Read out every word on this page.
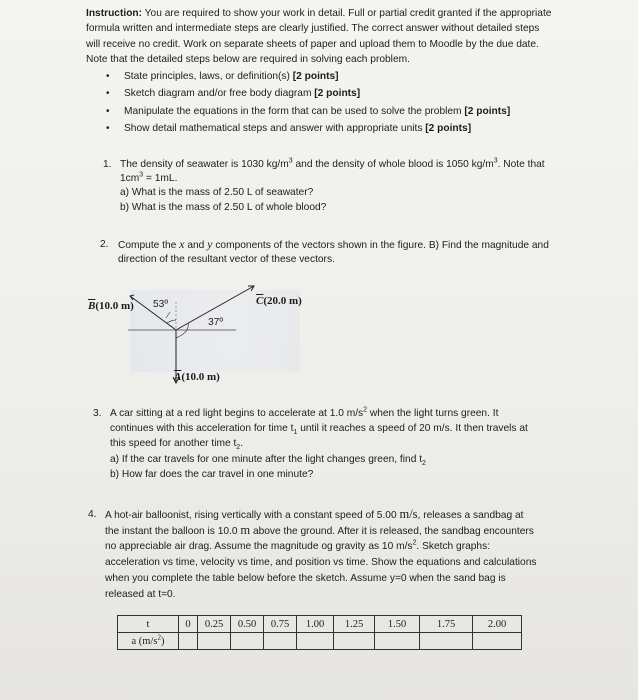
Instruction: You are required to show your work in detail. Full or partial credit granted if the appropriate
formula written and intermediate steps are clearly justified. The correct answer without detailed steps
will receive no credit. Work on separate sheets of paper and upload them to Moodle by the due date.
Note that the detailed steps below are required in solving each problem.
• State principles, laws, or definition(s) [2 points]
• Sketch diagram and/or free body diagram [2 points]
• Manipulate the equations in the form that can be used to solve the problem [2 points]
• Show detail mathematical steps and answer with appropriate units [2 points]
1. The density of seawater is 1030 $kg/m^3$ and the density of whole blood is 1050 $kg/m^3$. Note that
$1cm^3 = 1mL$.
a) What is the mass of 2.50 L of seawater?
b) What is the mass of 2.50 L of whole blood?
2. Compute the x and y components of the vectors shown in the figure. B) Find the magnitude and
direction of the resultant vector of these vectors.
$\overline{B}(10.0$ m) 53º	$\overline{C}(20.0$ m)
37º
$\overline{A}(10.0$ m)
3. A car sitting at a red light begins to accelerate at 1.0 $m/s^2$ when the light turns green. It
continues with this acceleration for time $t_1$ until it reaches a speed of 20 m/s. It then travels at
this speed for another time $t_2$.
a) If the car travels for one minute after the light changes green, find $t_2$
b) How far does the car travel in one minute?
4. A hot-air balloonist, rising vertically with a constant speed of 5.00 m/s, releases a sandbag at
the instant the balloon is 10.0 m above the ground. After it is released, the sandbag encounters
no appreciable air drag. Assume the magnitude og gravity as 10 $m/s^2$. Sketch graphs:
acceleration vs time, velocity vs time, and position vs time. Show the equations and calculations
when you complete the table below before the sketch. Assume y=0 when the sand bag is
released at t=0.
t	0	0.25	0.50	0.75	1.00	1.25	1.50	1.75	2.00
a $(m/s^2)$									
